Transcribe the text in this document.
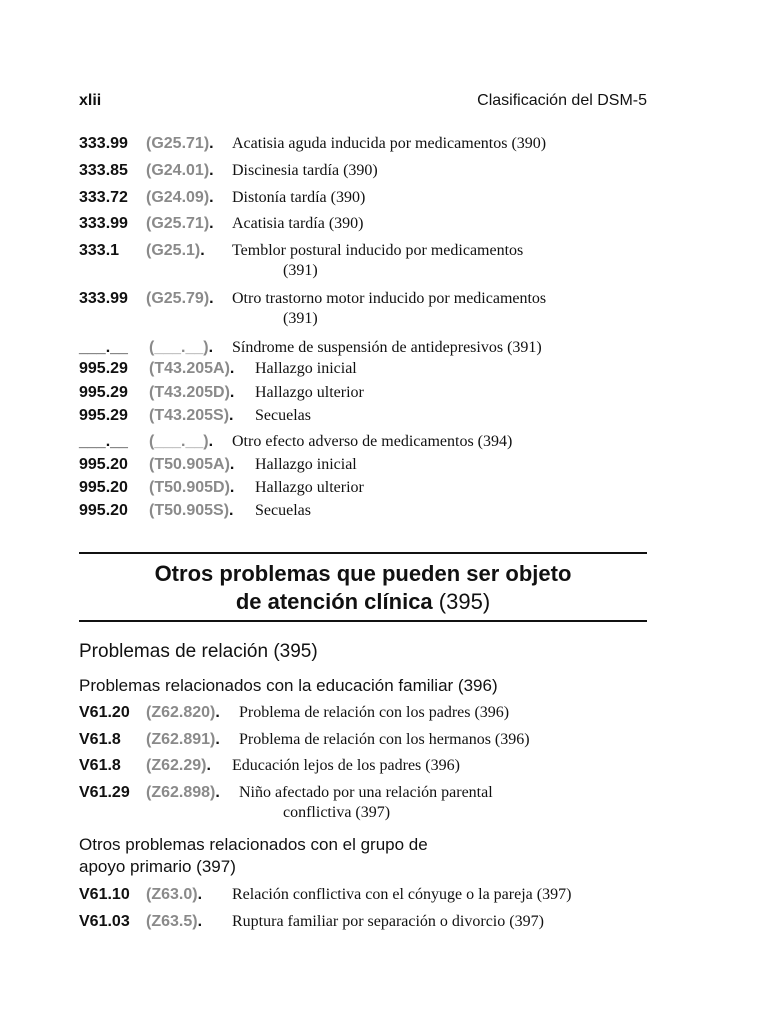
xlii	Clasificación del DSM-5
333.99 (G25.71). Acatisia aguda inducida por medicamentos (390)
333.85 (G24.01). Discinesia tardía (390)
333.72 (G24.09). Distonía tardía (390)
333.99 (G25.71). Acatisia tardía (390)
333.1 (G25.1). Temblor postural inducido por medicamentos
(391)
333.99 (G25.79). Otro trastorno motor inducido por medicamentos
(391)
___.__ (___.__). Síndrome de suspensión de antidepresivos (391)
995.29 (T43.205A). Hallazgo inicial
995.29 (T43.205D). Hallazgo ulterior
995.29 (T43.205S). Secuelas
___.__ (___.__). Otro efecto adverso de medicamentos (394)
995.20 (T50.905A). Hallazgo inicial
995.20 (T50.905D). Hallazgo ulterior
995.20 (T50.905S). Secuelas
Otros problemas que pueden ser objeto
de atención clínica (395)
Problemas de relación (395)
Problemas relacionados con la educación familiar (396)
V61.20 (Z62.820). Problema de relación con los padres (396)
V61.8 (Z62.891). Problema de relación con los hermanos (396)
V61.8 (Z62.29). Educación lejos de los padres (396)
V61.29 (Z62.898). Niño afectado por una relación parental
conflictiva (397)
Otros problemas relacionados con el grupo de
apoyo primario (397)
V61.10 (Z63.0). Relación conflictiva con el cónyuge o la pareja (397)
V61.03 (Z63.5). Ruptura familiar por separación o divorcio (397)
